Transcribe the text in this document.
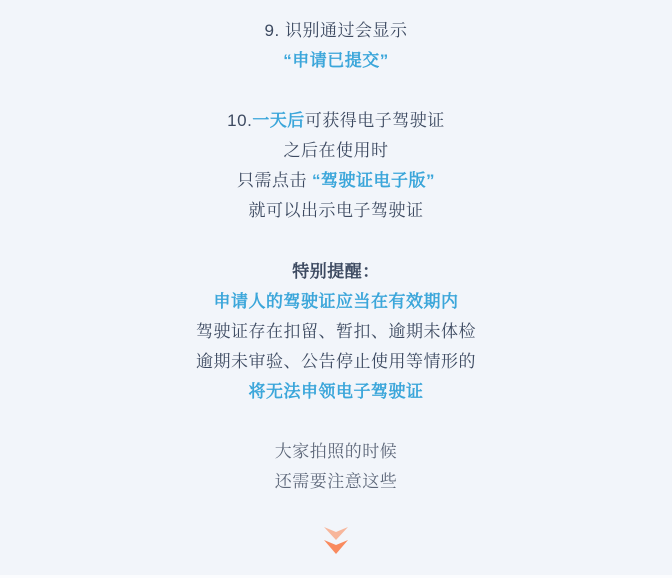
9. 识别通过会显示
“申请已提交”
10.一天后可获得电子驾驶证
之后在使用时
只需点击 “驾驶证电子版”
就可以出示电子驾驶证
特别提醒：
申请人的驾驶证应当在有效期内
驾驶证存在扣留、暂扣、逾期未体检
逾期未审验、公告停止使用等情形的
将无法申领电子驾驶证
大家拍照的时候
还需要注意这些
